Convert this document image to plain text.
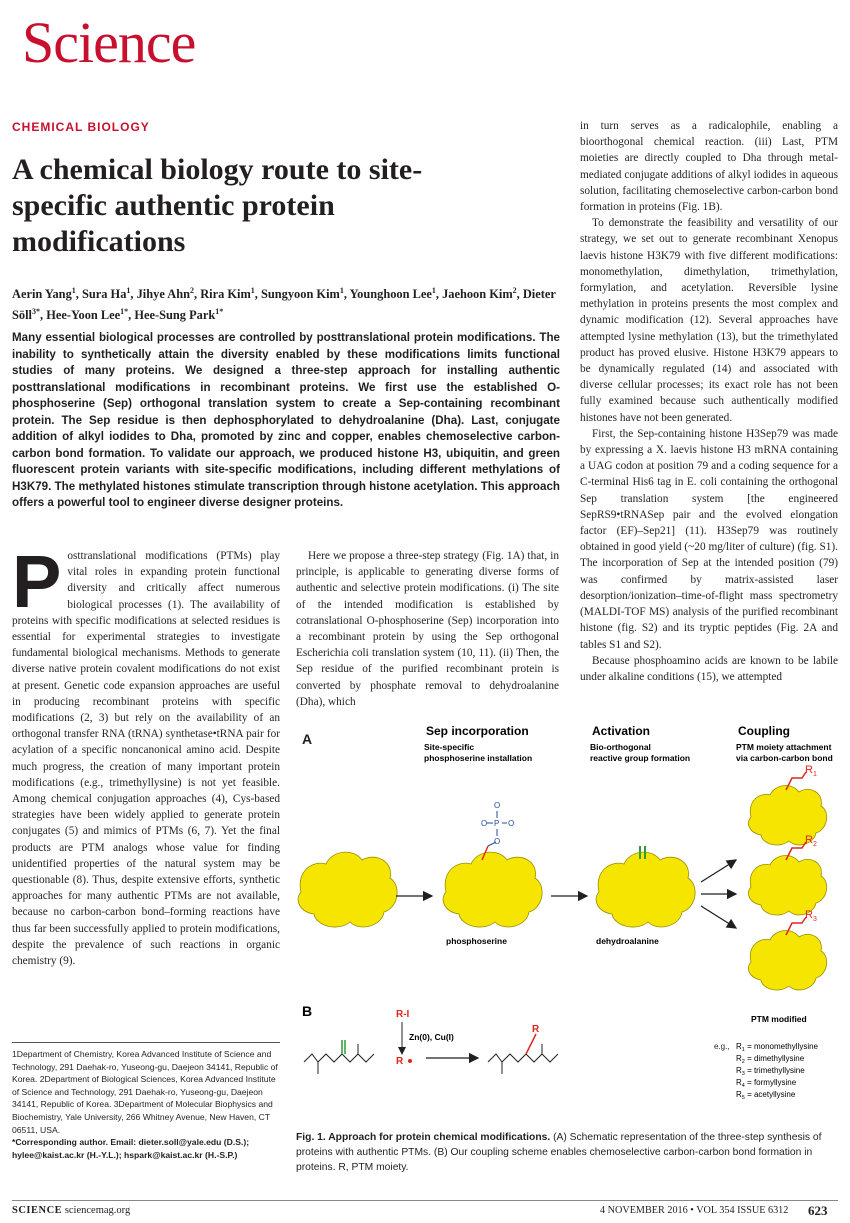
Science
CHEMICAL BIOLOGY
A chemical biology route to site-specific authentic protein modifications
Aerin Yang$^1$, Sura Ha$^1$, Jihye Ahn$^2$, Rira Kim$^1$, Sungyoon Kim$^1$, Younghoon Lee$^1$, Jaehoon Kim$^2$, Dieter Söll$^{3*}$, Hee-Yoon Lee$^{1*}$, Hee-Sung Park$^{1*}$
Many essential biological processes are controlled by posttranslational protein modifications. The inability to synthetically attain the diversity enabled by these modifications limits functional studies of many proteins. We designed a three-step approach for installing authentic posttranslational modifications in recombinant proteins. We first use the established O-phosphoserine (Sep) orthogonal translation system to create a Sep-containing recombinant protein. The Sep residue is then dephosphorylated to dehydroalanine (Dha). Last, conjugate addition of alkyl iodides to Dha, promoted by zinc and copper, enables chemoselective carbon-carbon bond formation. To validate our approach, we produced histone H3, ubiquitin, and green fluorescent protein variants with site-specific modifications, including different methylations of H3K79. The methylated histones stimulate transcription through histone acetylation. This approach offers a powerful tool to engineer diverse designer proteins.
P osttranslational modifications (PTMs) play vital roles in expanding protein functional diversity and critically affect numerous biological processes (1). The availability of proteins with specific modifications at selected residues is essential for experimental strategies to investigate fundamental biological mechanisms. Methods to generate diverse native protein covalent modifications do not exist at present. Genetic code expansion approaches are useful in producing recombinant proteins with specific modifications (2, 3) but rely on the availability of an orthogonal transfer RNA (tRNA) synthetase•tRNA pair for acylation of a specific noncanonical amino acid. Despite much progress, the creation of many important protein modifications (e.g., trimethyllysine) is not yet feasible. Among chemical conjugation approaches (4), Cys-based strategies have been widely applied to generate protein conjugates (5) and mimics of PTMs (6, 7). Yet the final products are PTM analogs whose value for finding unidentified properties of the natural system may be questionable (8). Thus, despite extensive efforts, synthetic approaches for many authentic PTMs are not available, because no carbon-carbon bond–forming reactions have thus far been successfully applied to protein modifications, despite the prevalence of such reactions in organic chemistry (9).

1Department of Chemistry, Korea Advanced Institute of Science and Technology, 291 Daehak-ro, Yuseong-gu, Daejeon 34141, Republic of Korea. 2Department of Biological Sciences, Korea Advanced Institute of Science and Technology, 291 Daehak-ro, Yuseong-gu, Daejeon 34141, Republic of Korea. 3Department of Molecular Biophysics and Biochemistry, Yale University, 266 Whitney Avenue, New Haven, CT 06511, USA.
*Corresponding author. Email: dieter.soll@yale.edu (D.S.); hylee@kaist.ac.kr (H.-Y.L.); hspark@kaist.ac.kr (H.-S.P.)

Here we propose a three-step strategy (Fig. 1A) that, in principle, is applicable to generating diverse forms of authentic and selective protein modifications. (i) The site of the intended modification is established by cotranslational O-phosphoserine (Sep) incorporation into a recombinant protein by using the Sep orthogonal Escherichia coli translation system (10, 11). (ii) Then, the Sep residue of the purified recombinant protein is converted by phosphate removal to dehydroalanine (Dha), which

in turn serves as a radicalophile, enabling a bioorthogonal chemical reaction. (iii) Last, PTM moieties are directly coupled to Dha through metal-mediated conjugate additions of alkyl iodides in aqueous solution, facilitating chemoselective carbon-carbon bond formation in proteins (Fig. 1B).

To demonstrate the feasibility and versatility of our strategy, we set out to generate recombinant Xenopus laevis histone H3K79 with five different modifications: monomethylation, dimethylation, trimethylation, formylation, and acetylation. Reversible lysine methylation in proteins presents the most complex and dynamic modification (12). Several approaches have attempted lysine methylation (13), but the trimethylated product has proved elusive. Histone H3K79 appears to be dynamically regulated (14) and associated with diverse cellular processes; its exact role has not been fully examined because such authentically modified histones have not been generated.

First, the Sep-containing histone H3Sep79 was made by expressing a X. laevis histone H3 mRNA containing a UAG codon at position 79 and a coding sequence for a C-terminal His6 tag in E. coli containing the orthogonal Sep translation system [the engineered SepRS9•tRNASep pair and the evolved elongation factor (EF)–Sep21] (11). H3Sep79 was routinely obtained in good yield (~20 mg/liter of culture) (fig. S1). The incorporation of Sep at the intended position (79) was confirmed by matrix-assisted laser desorption/ionization–time-of-flight mass spectrometry (MALDI-TOF MS) analysis of the purified recombinant histone (fig. S2) and its tryptic peptides (Fig. 2A and tables S1 and S2).

Because phosphoamino acids are known to be labile under alkaline conditions (15), we attempted

A	Sep incorporation
Site-specific
phosphoserine installation
Activation
Bio-orthogonal
reactive group formation
Coupling
PTM moiety attachment
via carbon-carbon bond
O
P
O	O
O
phosphoserine	dehydroalanine
R 1
R 2
R 3
PTM modified
B	R-I
Zn(0), Cu(I)
R
R
e.g., $R_1$ = monomethyllysine
$R_2$ = dimethyllysine
$R_3$ = trimethyllysine
$R_4$ = formyllysine
$R_5$ = acetyllysine
Fig. 1. Approach for protein chemical modifications. (A) Schematic representation of the three-step synthesis of proteins with authentic PTMs. (B) Our coupling scheme enables chemoselective carbon-carbon bond formation in proteins. R, PTM moiety.
SCIENCE sciencemag.org	4 NOVEMBER 2016 • VOL 354 ISSUE 6312 623
